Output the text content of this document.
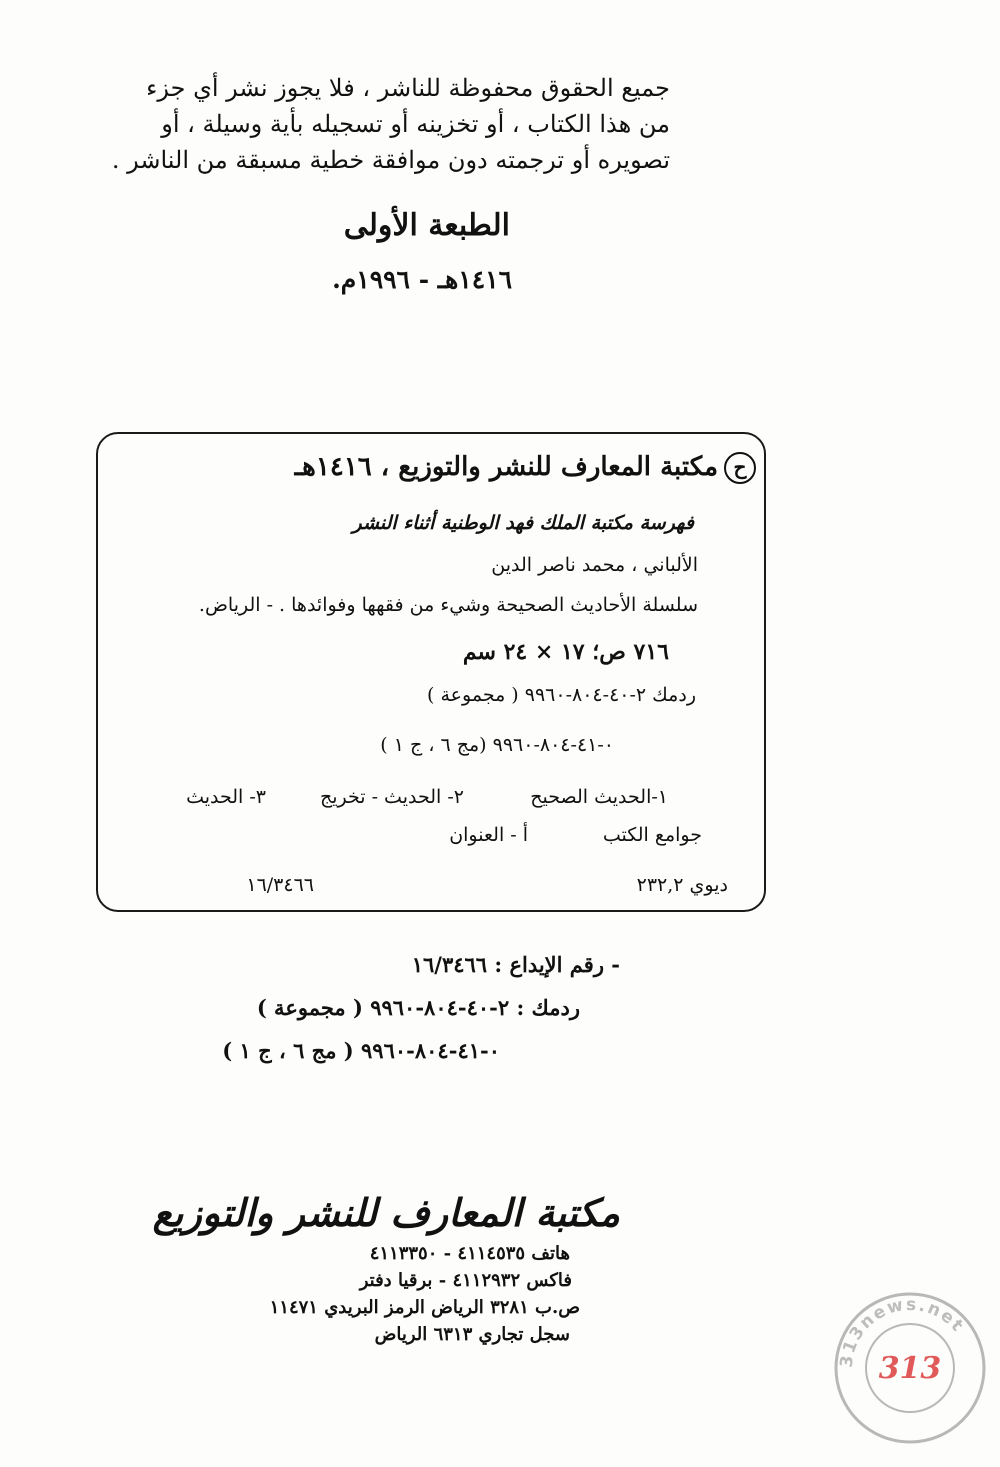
جميع الحقوق محفوظة للناشر ، فلا يجوز نشر أي جزء
من هذا الكتاب ، أو تخزينه أو تسجيله بأية وسيلة ، أو
تصويره أو ترجمته دون موافقة خطية مسبقة من الناشر .
الطبعة الأولى
١٤١٦هـ - ١٩٩٦م.
ح
مكتبة المعارف للنشر والتوزيع ، ١٤١٦هـ
فهرسة مكتبة الملك فهد الوطنية أثناء النشر
الألباني ، محمد ناصر الدين
سلسلة الأحاديث الصحيحة وشيء من فقهها وفوائدها . - الرياض.
٧١٦ ص؛ ١٧ × ٢٤ سم
ردمك ٢-٤٠-٨٠٤-٩٩٦٠ ( مجموعة )
٠-٤١-٨٠٤-٩٩٦٠ (مج ٦ ، ج ١ )
١-الحديث الصحيح
٢- الحديث - تخريج
٣- الحديث
جوامع الكتب
أ - العنوان
ديوي ٢٣٢,٢
١٦/٣٤٦٦
- رقم الإيداع : ١٦/٣٤٦٦
ردمك : ٢-٤٠-٨٠٤-٩٩٦٠ ( مجموعة )
٠-٤١-٨٠٤-٩٩٦٠ ( مج ٦ ، ج ١ )
مكتبة المعارف للنشر والتوزيع
هاتف ٤١١٤٥٣٥ - ٤١١٣٣٥٠
فاكس ٤١١٢٩٣٢ - برقيا دفتر
ص.ب ٣٢٨١ الرياض الرمز البريدي ١١٤٧١
سجل تجاري ٦٣١٣ الرياض
313news.net
313
